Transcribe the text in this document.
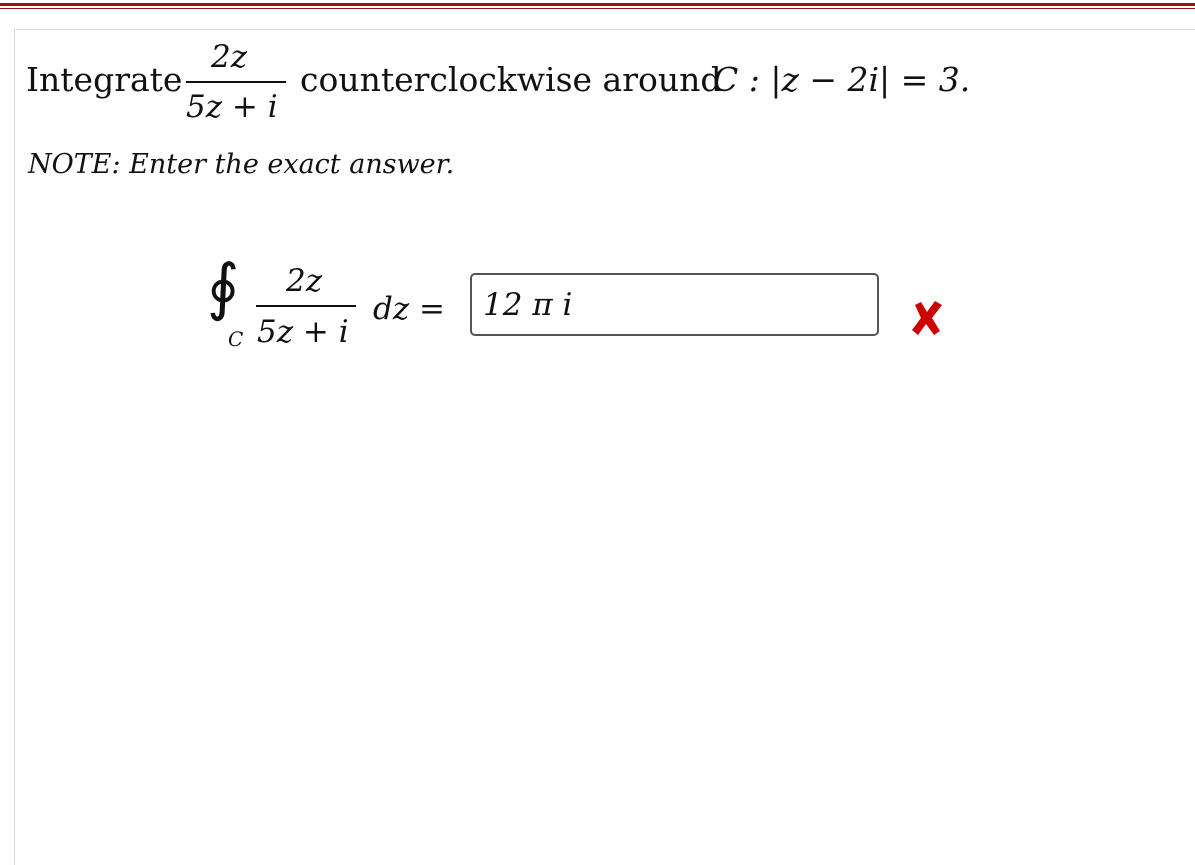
Integrate
2z
5z + i
counterclockwise around
C : |z − 2i| = 3.
NOTE: Enter the exact answer.
∮
C
2z
5z + i
dz =	12 π i
